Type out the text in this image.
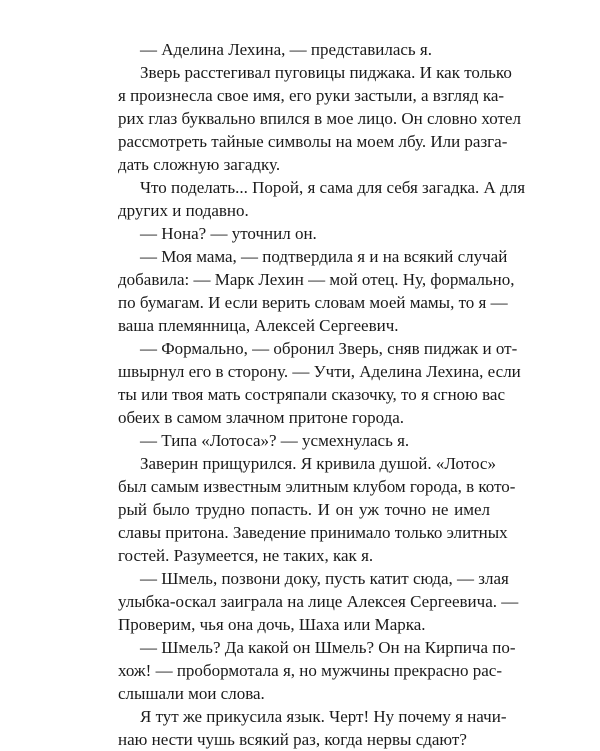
— Аделина Лехина, — представилась я.

Зверь расстегивал пуговицы пиджака. И как только
я произнесла свое имя, его руки застыли, а взгляд ка-
рих глаз буквально впился в мое лицо. Он словно хотел
рассмотреть тайные символы на моем лбу. Или разга-
дать сложную загадку.

Что поделать... Порой, я сама для себя загадка. А для
других и подавно.

— Нона? — уточнил он.

— Моя мама, — подтвердила я и на всякий случай
добавила: — Марк Лехин — мой отец. Ну, формально,
по бумагам. И если верить словам моей мамы, то я —
ваша племянница, Алексей Сергеевич.

— Формально, — обронил Зверь, сняв пиджак и от-
швырнул его в сторону. — Учти, Аделина Лехина, если
ты или твоя мать состряпали сказочку, то я сгною вас
обеих в самом злачном притоне города.

— Типа «Лотоса»? — усмехнулась я.

Заверин прищурился. Я кривила душой. «Лотос»
был самым известным элитным клубом города, в кото-
рый было трудно попасть. И он уж точно не имел
славы притона. Заведение принимало только элитных
гостей. Разумеется, не таких, как я.

— Шмель, позвони доку, пусть катит сюда, — злая
улыбка-оскал заиграла на лице Алексея Сергеевича. —
Проверим, чья она дочь, Шаха или Марка.

— Шмель? Да какой он Шмель? Он на Кирпича по-
хож! — пробормотала я, но мужчины прекрасно рас-
слышали мои слова.

Я тут же прикусила язык. Черт! Ну почему я начи-
наю нести чушь всякий раз, когда нервы сдают?
